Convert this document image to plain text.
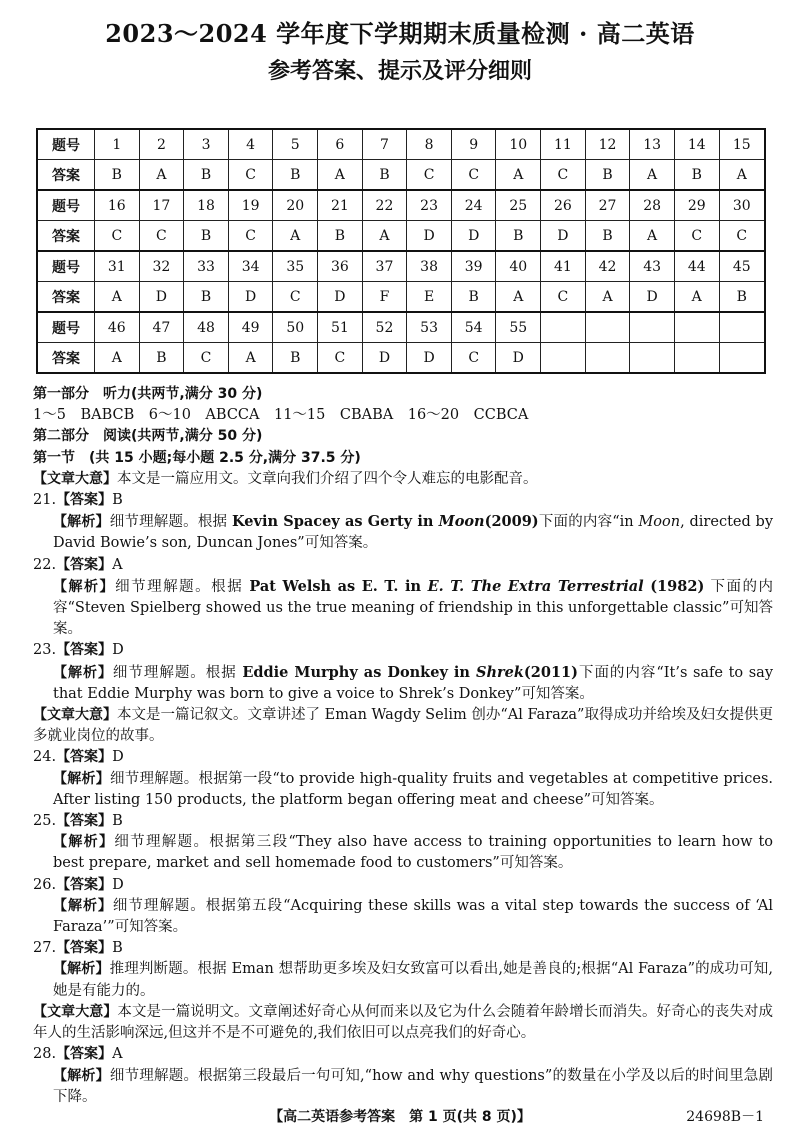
2023～2024 学年度下学期期末质量检测 · 高二英语
参考答案、提示及评分细则
题号	1	2	3	4	5	6	7	8	9	10	11	12	13	14	15
答案	B	A	B	C	B	A	B	C	C	A	C	B	A	B	A
题号	16	17	18	19	20	21	22	23	24	25	26	27	28	29	30
答案	C	C	B	C	A	B	A	D	D	B	D	B	A	C	C
题号	31	32	33	34	35	36	37	38	39	40	41	42	43	44	45
答案	A	D	B	D	C	D	F	E	B	A	C	A	D	A	B
题号	46	47	48	49	50	51	52	53	54	55					
答案	A	B	C	A	B	C	D	D	C	D					

第一部分　听力(共两节,满分 30 分)

1～5　BABCB　6～10　ABCCA　11～15　CBABA　16～20　CCBCA

第二部分　阅读(共两节,满分 50 分)

第一节　(共 15 小题;每小题 2.5 分,满分 37.5 分)

【文章大意】本文是一篇应用文。文章向我们介绍了四个令人难忘的电影配音。

21.【答案】B

【解析】细节理解题。根据 Kevin Spacey as Gerty in Moon(2009)下面的内容“in Moon, directed by David Bowie’s son, Duncan Jones”可知答案。

22.【答案】A

【解析】细节理解题。根据 Pat Welsh as E. T. in E. T. The Extra Terrestrial (1982) 下面的内容“Steven Spielberg showed us the true meaning of friendship in this unforgettable classic”可知答案。

23.【答案】D

【解析】细节理解题。根据 Eddie Murphy as Donkey in Shrek(2011)下面的内容“It’s safe to say that Eddie Murphy was born to give a voice to Shrek’s Donkey”可知答案。

【文章大意】本文是一篇记叙文。文章讲述了 Eman Wagdy Selim 创办“Al Faraza”取得成功并给埃及妇女提供更多就业岗位的故事。

24.【答案】D

【解析】细节理解题。根据第一段“to provide high-quality fruits and vegetables at competitive prices. After listing 150 products, the platform began offering meat and cheese”可知答案。

25.【答案】B

【解析】细节理解题。根据第三段“They also have access to training opportunities to learn how to best prepare, market and sell homemade food to customers”可知答案。

26.【答案】D

【解析】细节理解题。根据第五段“Acquiring these skills was a vital step towards the success of ‘Al Faraza’”可知答案。

27.【答案】B

【解析】推理判断题。根据 Eman 想帮助更多埃及妇女致富可以看出,她是善良的;根据“Al Faraza”的成功可知,她是有能力的。

【文章大意】本文是一篇说明文。文章阐述好奇心从何而来以及它为什么会随着年龄增长而消失。好奇心的丧失对成年人的生活影响深远,但这并不是不可避免的,我们依旧可以点亮我们的好奇心。

28.【答案】A

【解析】细节理解题。根据第三段最后一句可知,“how and why questions”的数量在小学及以后的时间里急剧下降。

【高二英语参考答案　第 1 页(共 8 页)】	24698B－1
